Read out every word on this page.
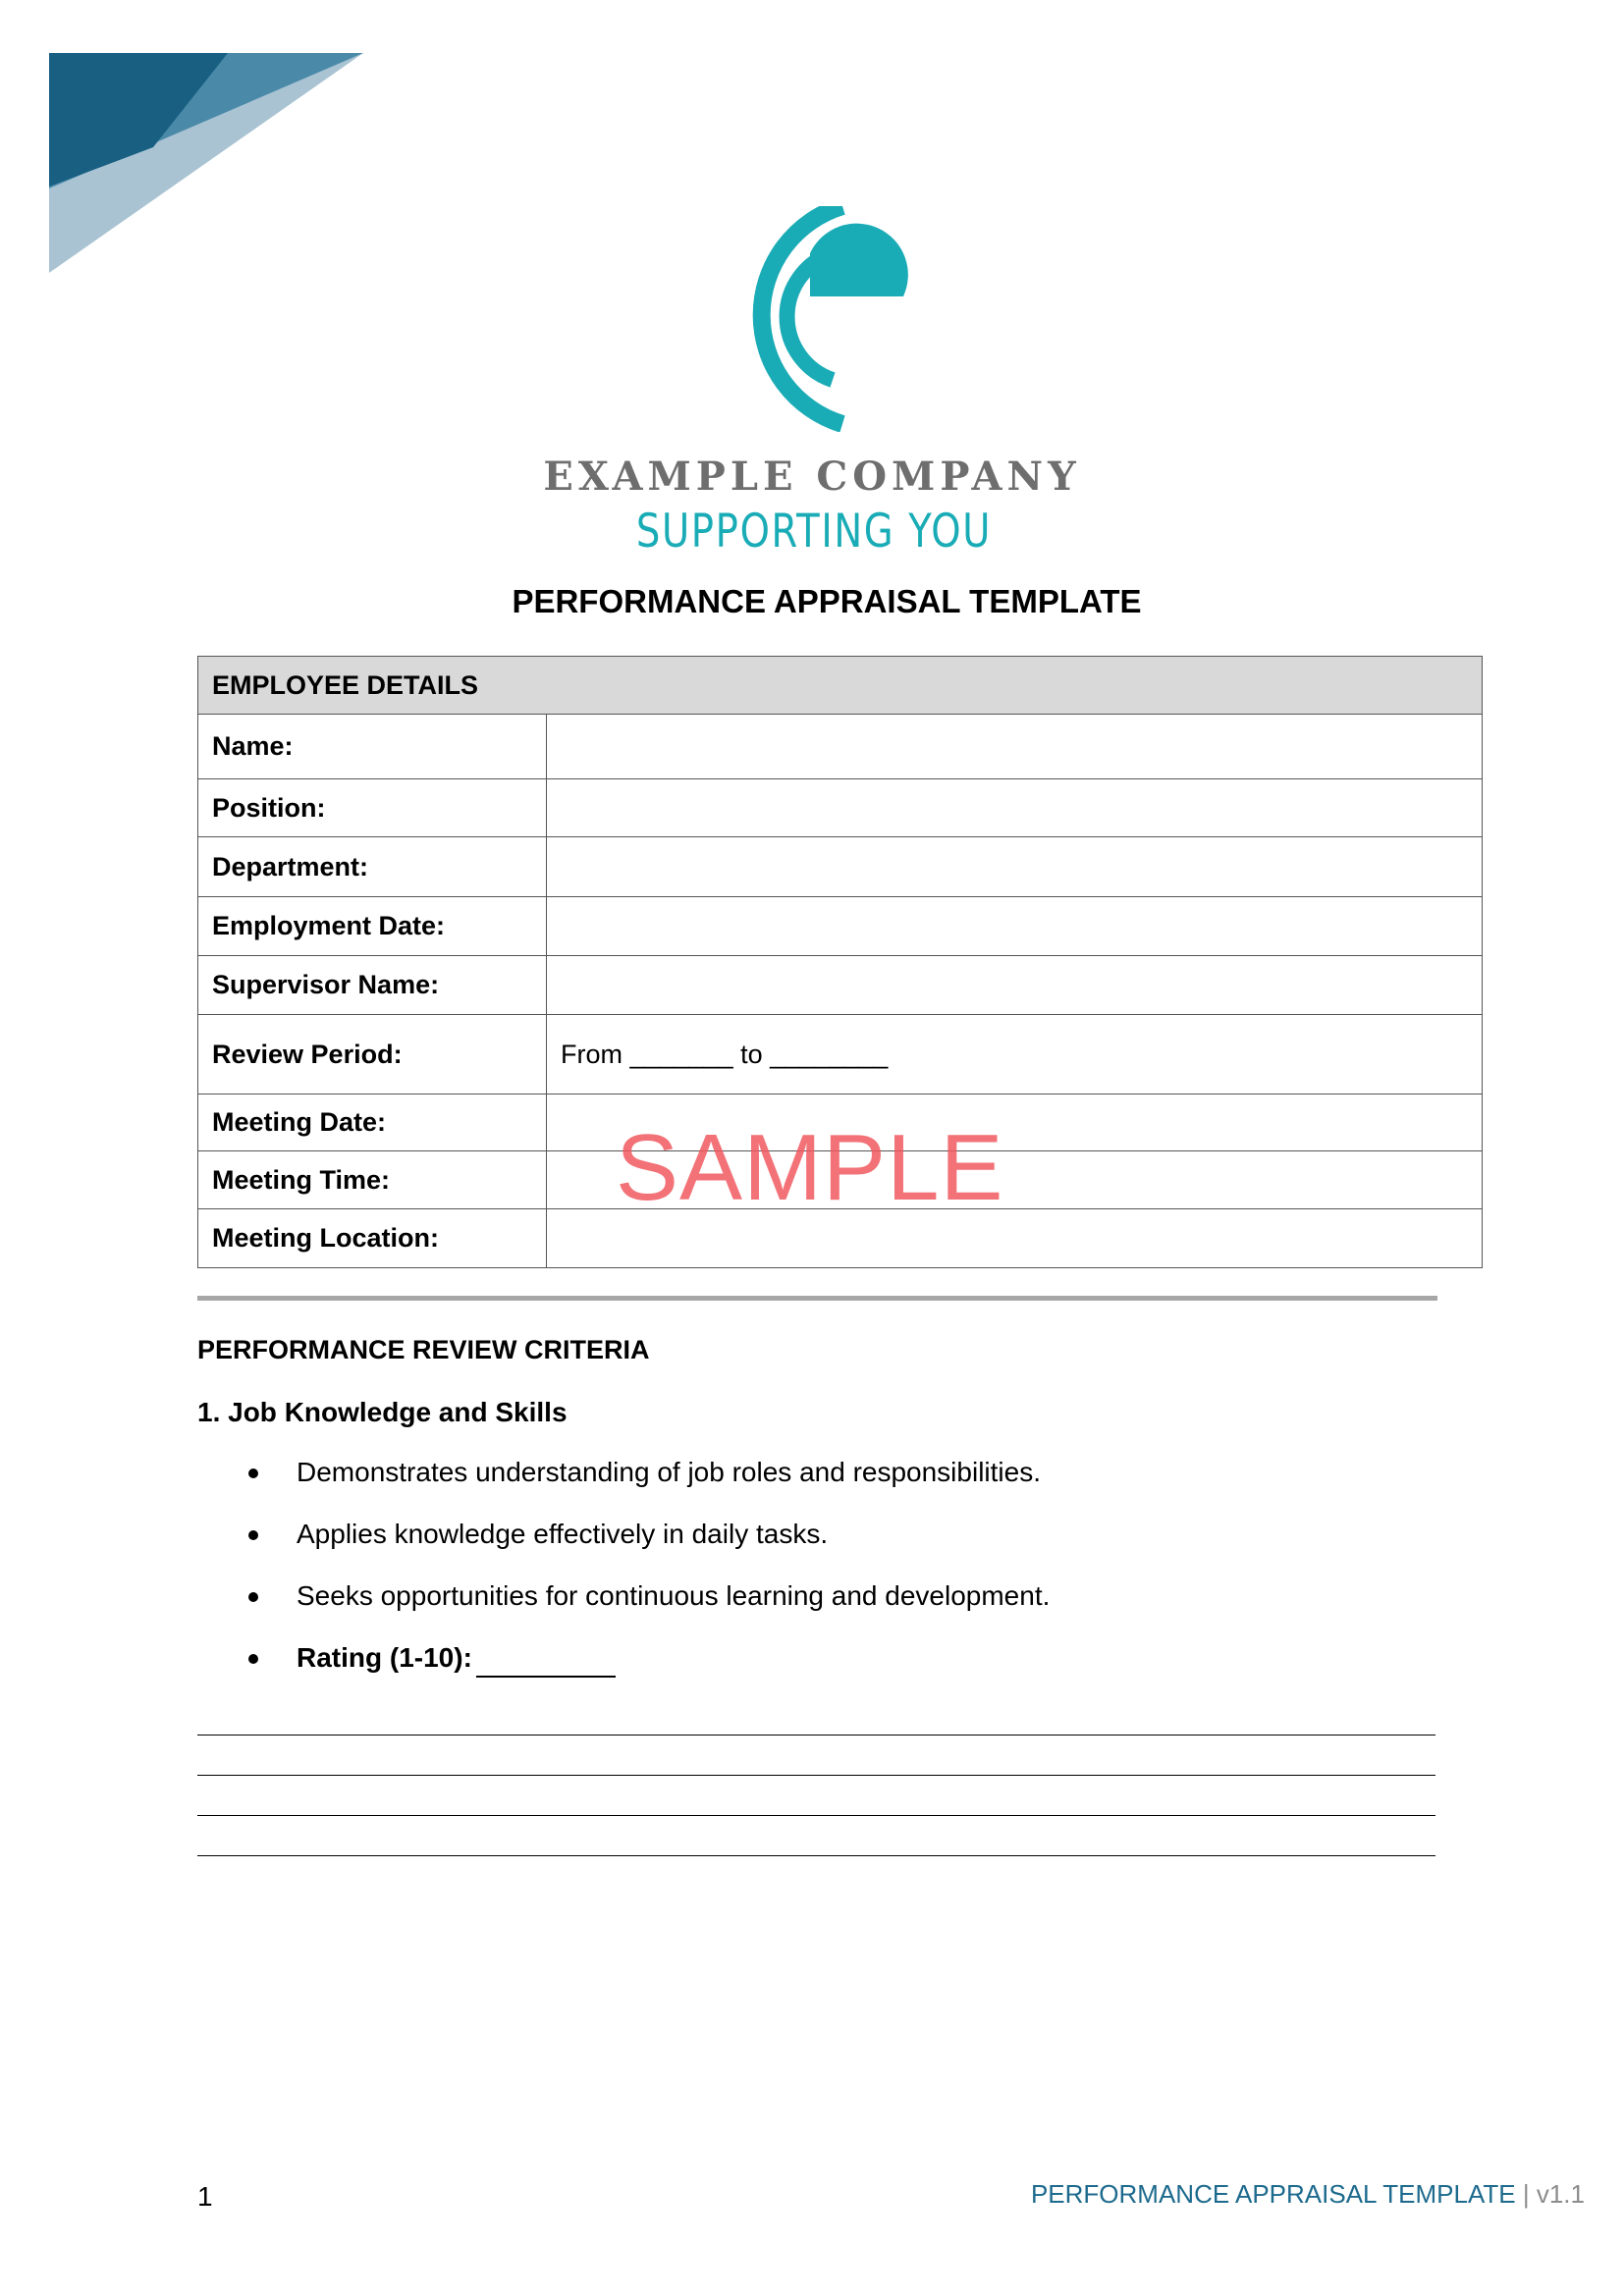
EXAMPLE COMPANY
SUPPORTING YOU
PERFORMANCE APPRAISAL TEMPLATE
EMPLOYEE DETAILS	
Name:	
Position:	
Department:	
Employment Date:	
Supervisor Name:	
Review Period:	From _______ to ________
Meeting Date:	
Meeting Time:	
Meeting Location:	
SAMPLE
PERFORMANCE REVIEW CRITERIA
1. Job Knowledge and Skills
Demonstrates understanding of job roles and responsibilities.
Applies knowledge effectively in daily tasks.
Seeks opportunities for continuous learning and development.
Rating (1-10):
1	PERFORMANCE APPRAISAL TEMPLATE | v1.1
